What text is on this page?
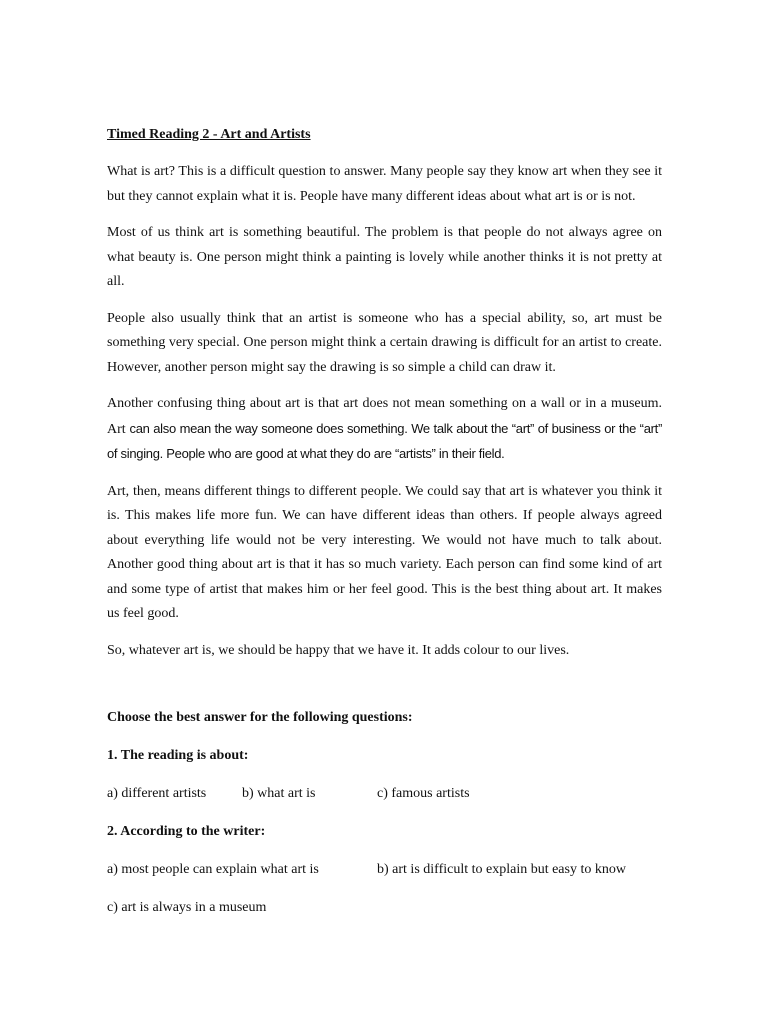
Timed Reading 2 - Art and Artists

What is art? This is a difficult question to answer. Many people say they know art when they see it but they cannot explain what it is. People have many different ideas about what art is or is not.

Most of us think art is something beautiful. The problem is that people do not always agree on what beauty is. One person might think a painting is lovely while another thinks it is not pretty at all.

People also usually think that an artist is someone who has a special ability, so, art must be something very special. One person might think a certain drawing is difficult for an artist to create. However, another person might say the drawing is so simple a child can draw it.

Another confusing thing about art is that art does not mean something on a wall or in a museum. Art can also mean the way someone does something. We talk about the “art” of business or the “art” of singing. People who are good at what they do are “artists” in their field.

Art, then, means different things to different people. We could say that art is whatever you think it is. This makes life more fun. We can have different ideas than others. If people always agreed about everything life would not be very interesting. We would not have much to talk about. Another good thing about art is that it has so much variety. Each person can find some kind of art and some type of artist that makes him or her feel good. This is the best thing about art. It makes us feel good.

So, whatever art is, we should be happy that we have it. It adds colour to our lives.

Choose the best answer for the following questions:
1. The reading is about:
a) different artists	b) what art is	c) famous artists
2. According to the writer:
a) most people can explain what art is	b) art is difficult to explain but easy to know
c) art is always in a museum
